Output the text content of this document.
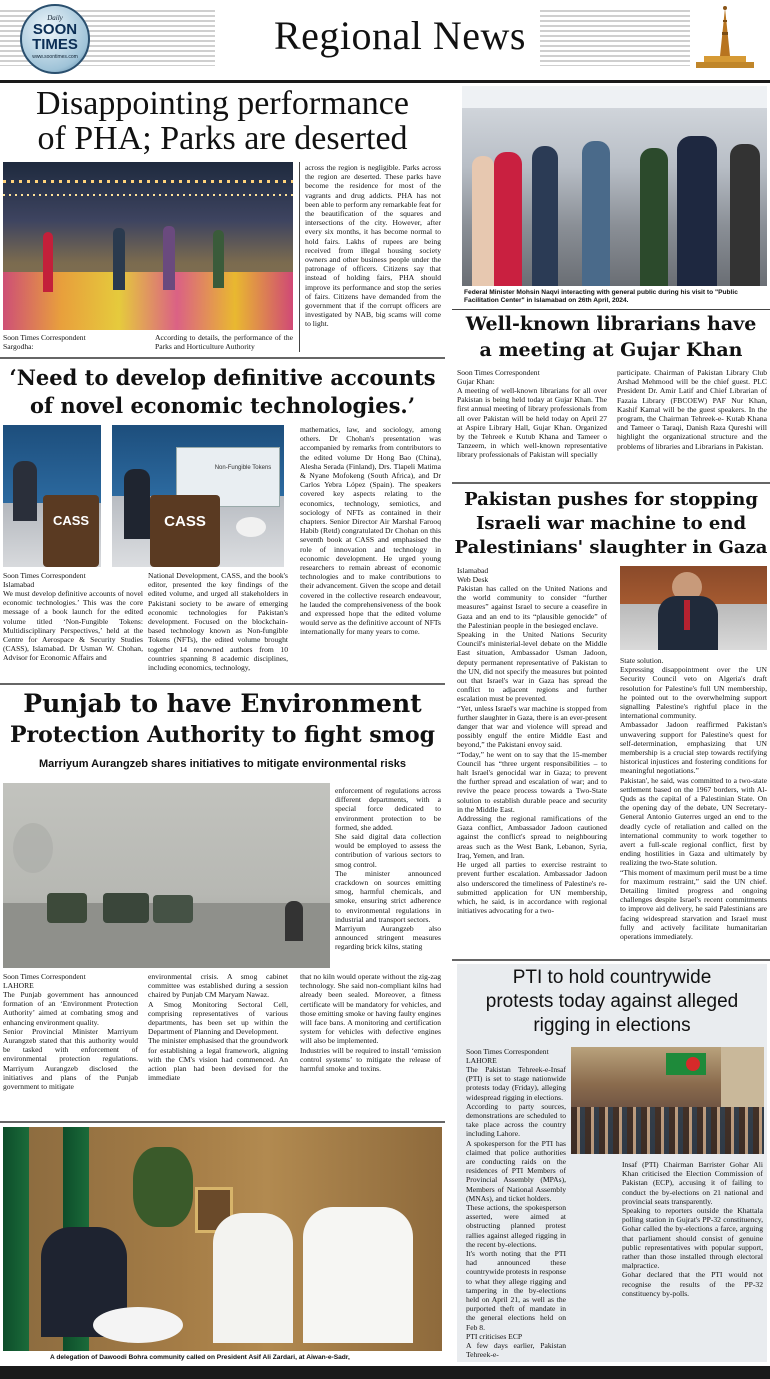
Daily
SOON
TIMES
www.soontimes.com	Regional News
Disappointing performance
of PHA; Parks are deserted
Soon Times Correspondent
Sargodha:
According to details, the performance of the Parks and Horticulture Authority
across the region is negligible. Parks across the region are deserted. These parks have become the residence for most of the vagrants and drug addicts. PHA has not been able to perform any remarkable feat for the beautification of the squares and intersections of the city. However, after every six months, it has become normal to hold fairs. Lakhs of rupees are being received from illegal housing society owners and other business people under the patronage of officers. Citizens say that instead of holding fairs, PHA should improve its performance and stop the series of fairs. Citizens have demanded from the government that if the corrupt officers are investigated by NAB, big scams will come to light.
Federal Minister Mohsin Naqvi interacting with general public during his visit to "Public Facilitation Center" in Islamabad on 26th April, 2024.
Well-known librarians have
a meeting at Gujar Khan
Soon Times Correspondent
Gujar Khan:
A meeting of well-known librarians for all over Pakistan is being held today at Gujar Khan. The first annual meeting of library professionals from all over Pakistan will be held today on April 27 at Aspire Library Hall, Gujar Khan. Organized by the Tehreek e Kutub Khana and Tameer o Tanzeem, in which well-known representative library professionals of Pakistan will specially
participate. Chairman of Pakistan Library Club Arshad Mehmood will be the chief guest. PLC President Dr. Amir Latif and Chief Librarian of Fazaia Library (FBCOEW) PAF Nur Khan, Kashif Kamal will be the guest speakers. In the program, the Chairman Tehreek-e- Kutab Khana and Tameer o Taraqi, Danish Raza Qureshi will highlight the organizational structure and the problems of libraries and Librarians in Pakistan.
‘Need to develop definitive accounts
of novel economic technologies.’
CASS
Non-Fungible Tokens
CASS
Soon Times Correspondent
Islamabad
We must develop definitive accounts of novel economic technologies.’ This was the core message of a book launch for the edited volume titled ‘Non-Fungible Tokens: Multidisciplinary Perspectives,’ held at the Centre for Aerospace & Security Studies (CASS), Islamabad. Dr Usman W. Chohan, Advisor for Economic Affairs and
National Development, CASS, and the book's editor, presented the key findings of the edited volume, and urged all stakeholders in Pakistani society to be aware of emerging economic technologies for Pakistan's development. Focused on the blockchain-based technology known as Non-fungible Tokens (NFTs), the edited volume brought together 14 renowned authors from 10 countries spanning 8 academic disciplines, including economics, technology,
mathematics, law, and sociology, among others. Dr Chohan's presentation was accompanied by remarks from contributors to the edited volume Dr Hong Bao (China), Alesha Serada (Finland), Drs. Tlapeli Matima & Nyane Mofokeng (South Africa), and Dr Carlos Yebra López (Spain). The speakers covered key aspects relating to the economics, technology, semiotics, and sociology of NFTs as contained in their chapters. Senior Director Air Marshal Farooq Habib (Retd) congratulated Dr Chohan on this seventh book at CASS and emphasised the role of innovation and technology in economic development. He urged young researchers to remain abreast of economic technologies and to make contributions to their advancement. Given the scope and detail covered in the collective research endeavour, he lauded the comprehensiveness of the book and expressed hope that the edited volume would serve as the definitive account of NFTs internationally for many years to come.
Pakistan pushes for stopping
Israeli war machine to end
Palestinians' slaughter in Gaza
Islamabad
Web Desk
Pakistan has called on the United Nations and the world community to consider “further measures” against Israel to secure a ceasefire in Gaza and an end to its “plausible genocide” of the Palestinian people in the besieged enclave.
Speaking in the United Nations Security Council's ministerial-level debate on the Middle East situation, Ambassador Usman Jadoon, deputy permanent representative of Pakistan to the UN, did not specify the measures but pointed out that Israel's war in Gaza has spread the conflict to adjacent regions and further escalation must be prevented.
“Yet, unless Israel's war machine is stopped from further slaughter in Gaza, there is an ever-present danger that war and violence will spread and possibly engulf the entire Middle East and beyond,” the Pakistani envoy said.
“Today,” he went on to say that the 15-member Council has “three urgent responsibilities – to halt Israel's genocidal war in Gaza; to prevent the further spread and escalation of war; and to revive the peace process towards a Two-State solution to establish durable peace and security in the Middle East.
Addressing the regional ramifications of the Gaza conflict, Ambassador Jadoon cautioned against the conflict's spread to neighbouring areas such as the West Bank, Lebanon, Syria, Iraq, Yemen, and Iran.
He urged all parties to exercise restraint to prevent further escalation. Ambassador Jadoon also underscored the timeliness of Palestine's re-submitted application for UN membership, which, he said, is in accordance with regional initiatives advocating for a two-
State solution.
Expressing disappointment over the UN Security Council veto on Algeria's draft resolution for Palestine's full UN membership, he pointed out to the overwhelming support signalling Palestine's rightful place in the international community.
Ambassador Jadoon reaffirmed Pakistan's unwavering support for Palestine's quest for self-determination, emphasizing that UN membership is a crucial step towards rectifying historical injustices and fostering conditions for meaningful negotiations.”
Pakistan', he said, was committed to a two-state settlement based on the 1967 borders, with Al-Quds as the capital of a Palestinian State. On the opening day of the debate, UN Secretary-General Antonio Guterres urged an end to the deadly cycle of retaliation and called on the international community to work together to avert a full-scale regional conflict, first by ending hostilities in Gaza and ultimately by realizing the two-State solution.
“This moment of maximum peril must be a time for maximum restraint,” said the UN chief. Detailing limited progress and ongoing challenges despite Israel's recent commitments to improve aid delivery, he said Palestinians are facing widespread starvation and Israel must fully and actively facilitate humanitarian operations immediately.
Punjab to have Environment
Protection Authority to fight smog
Marriyum Aurangzeb shares initiatives to mitigate environmental risks
enforcement of regulations across different departments, with a special force dedicated to environment protection to be formed, she added.
She said digital data collection would be employed to assess the contribution of various sectors to smog control.
The minister announced crackdown on sources emitting smog, harmful chemicals, and smoke, ensuring strict adherence to environmental regulations in industrial and transport sectors.
Marriyum Aurangzeb also announced stringent measures regarding brick kilns, stating
Soon Times Correspondent
LAHORE
The Punjab government has announced formation of an ‘Environment Protection Authority’ aimed at combating smog and enhancing environment quality.
Senior Provincial Minister Marriyum Aurangzeb stated that this authority would be tasked with enforcement of environmental protection regulations. Marriyum Aurangzeb disclosed the initiatives and plans of the Punjab government to mitigate
environmental crisis. A smog cabinet committee was established during a session chaired by Punjab CM Maryam Nawaz.
A Smog Monitoring Sectoral Cell, comprising representatives of various departments, has been set up within the Department of Planning and Development.
The minister emphasised that the groundwork for establishing a legal framework, aligning with the CM's vision had commenced. An action plan had been devised for the immediate
that no kiln would operate without the zig-zag technology. She said non-compliant kilns had already been sealed. Moreover, a fitness certificate will be mandatory for vehicles, and those emitting smoke or having faulty engines will face bans. A monitoring and certification system for vehicles with defective engines will also be implemented.
Industries will be required to install ‘emission control systems’ to mitigate the release of harmful smoke and toxins.
A delegation of Dawoodi Bohra community called on President Asif Ali Zardari, at Aiwan-e-Sadr,
PTI to hold countrywide
protests today against alleged
rigging in elections
Soon Times Correspondent
LAHORE
The Pakistan Tehreek-e-Insaf (PTI) is set to stage nationwide protests today (Friday), alleging widespread rigging in elections.
According to party sources, demonstrations are scheduled to take place across the country including Lahore.
A spokesperson for the PTI has claimed that police authorities are conducting raids on the residences of PTI Members of Provincial Assembly (MPAs), Members of National Assembly (MNAs), and ticket holders.
These actions, the spokesperson asserted, were aimed at obstructing planned protest rallies against alleged rigging in the recent by-elections.
It's worth noting that the PTI had announced these countrywide protests in response to what they allege rigging and tampering in the by-elections held on April 21, as well as the purported theft of mandate in the general elections held on Feb 8.
PTI criticises ECP
A few days earlier, Pakistan Tehreek-e-
Insaf (PTI) Chairman Barrister Gohar Ali Khan criticised the Election Commission of Pakistan (ECP), accusing it of failing to conduct the by-elections on 21 national and provincial seats transparently.
Speaking to reporters outside the Khattala polling station in Gujrat's PP-32 constituency, Gohar called the by-elections a farce, arguing that parliament should consist of genuine public representatives with popular support, rather than those installed through electoral malpractice.
Gohar declared that the PTI would not recognise the results of the PP-32 constituency by-polls.
